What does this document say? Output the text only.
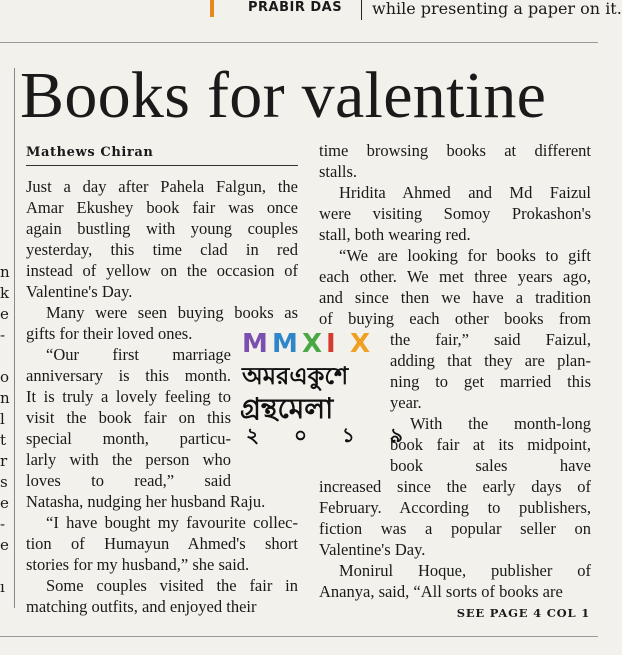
PRABIR DAS while presenting a paper on it.
n
k
e
-
o
n
l
t
r
s
e
-
e
ı
Books for valentine
Mathews Chiran
Just a day after Pahela Falgun, the
Amar Ekushey book fair was once
again bustling with young couples
yesterday, this time clad in red
instead of yellow on the occasion of
Valentine's Day.
Many were seen buying books as
gifts for their loved ones.
“Our first marriage
anniversary is this month.
It is truly a lovely feeling to
visit the book fair on this
special month, particu-
larly with the person who
loves to read,” said
Natasha, nudging her husband Raju.
“I have bought my favourite collec-
tion of Humayun Ahmed's short
stories for my husband,” she said.
Some couples visited the fair in
matching outfits, and enjoyed their
time browsing books at different
stalls.
Hridita Ahmed and Md Faizul
were visiting Somoy Prokashon's
stall, both wearing red.
“We are looking for books to gift
each other. We met three years ago,
and since then we have a tradition
of buying each other books from
the fair,” said Faizul,
adding that they are plan-
ning to get married this
year.
With the month-long
book fair at its midpoint,
book sales have
increased since the early days of
February. According to publishers,
fiction was a popular seller on
Valentine's Day.
Monirul Hoque, publisher of
Ananya, said, “All sorts of books are
M M X I X
অমরএকুশে
গ্রন্থমেলা
২ ০ ১ ৯
SEE PAGE 4 COL 1
